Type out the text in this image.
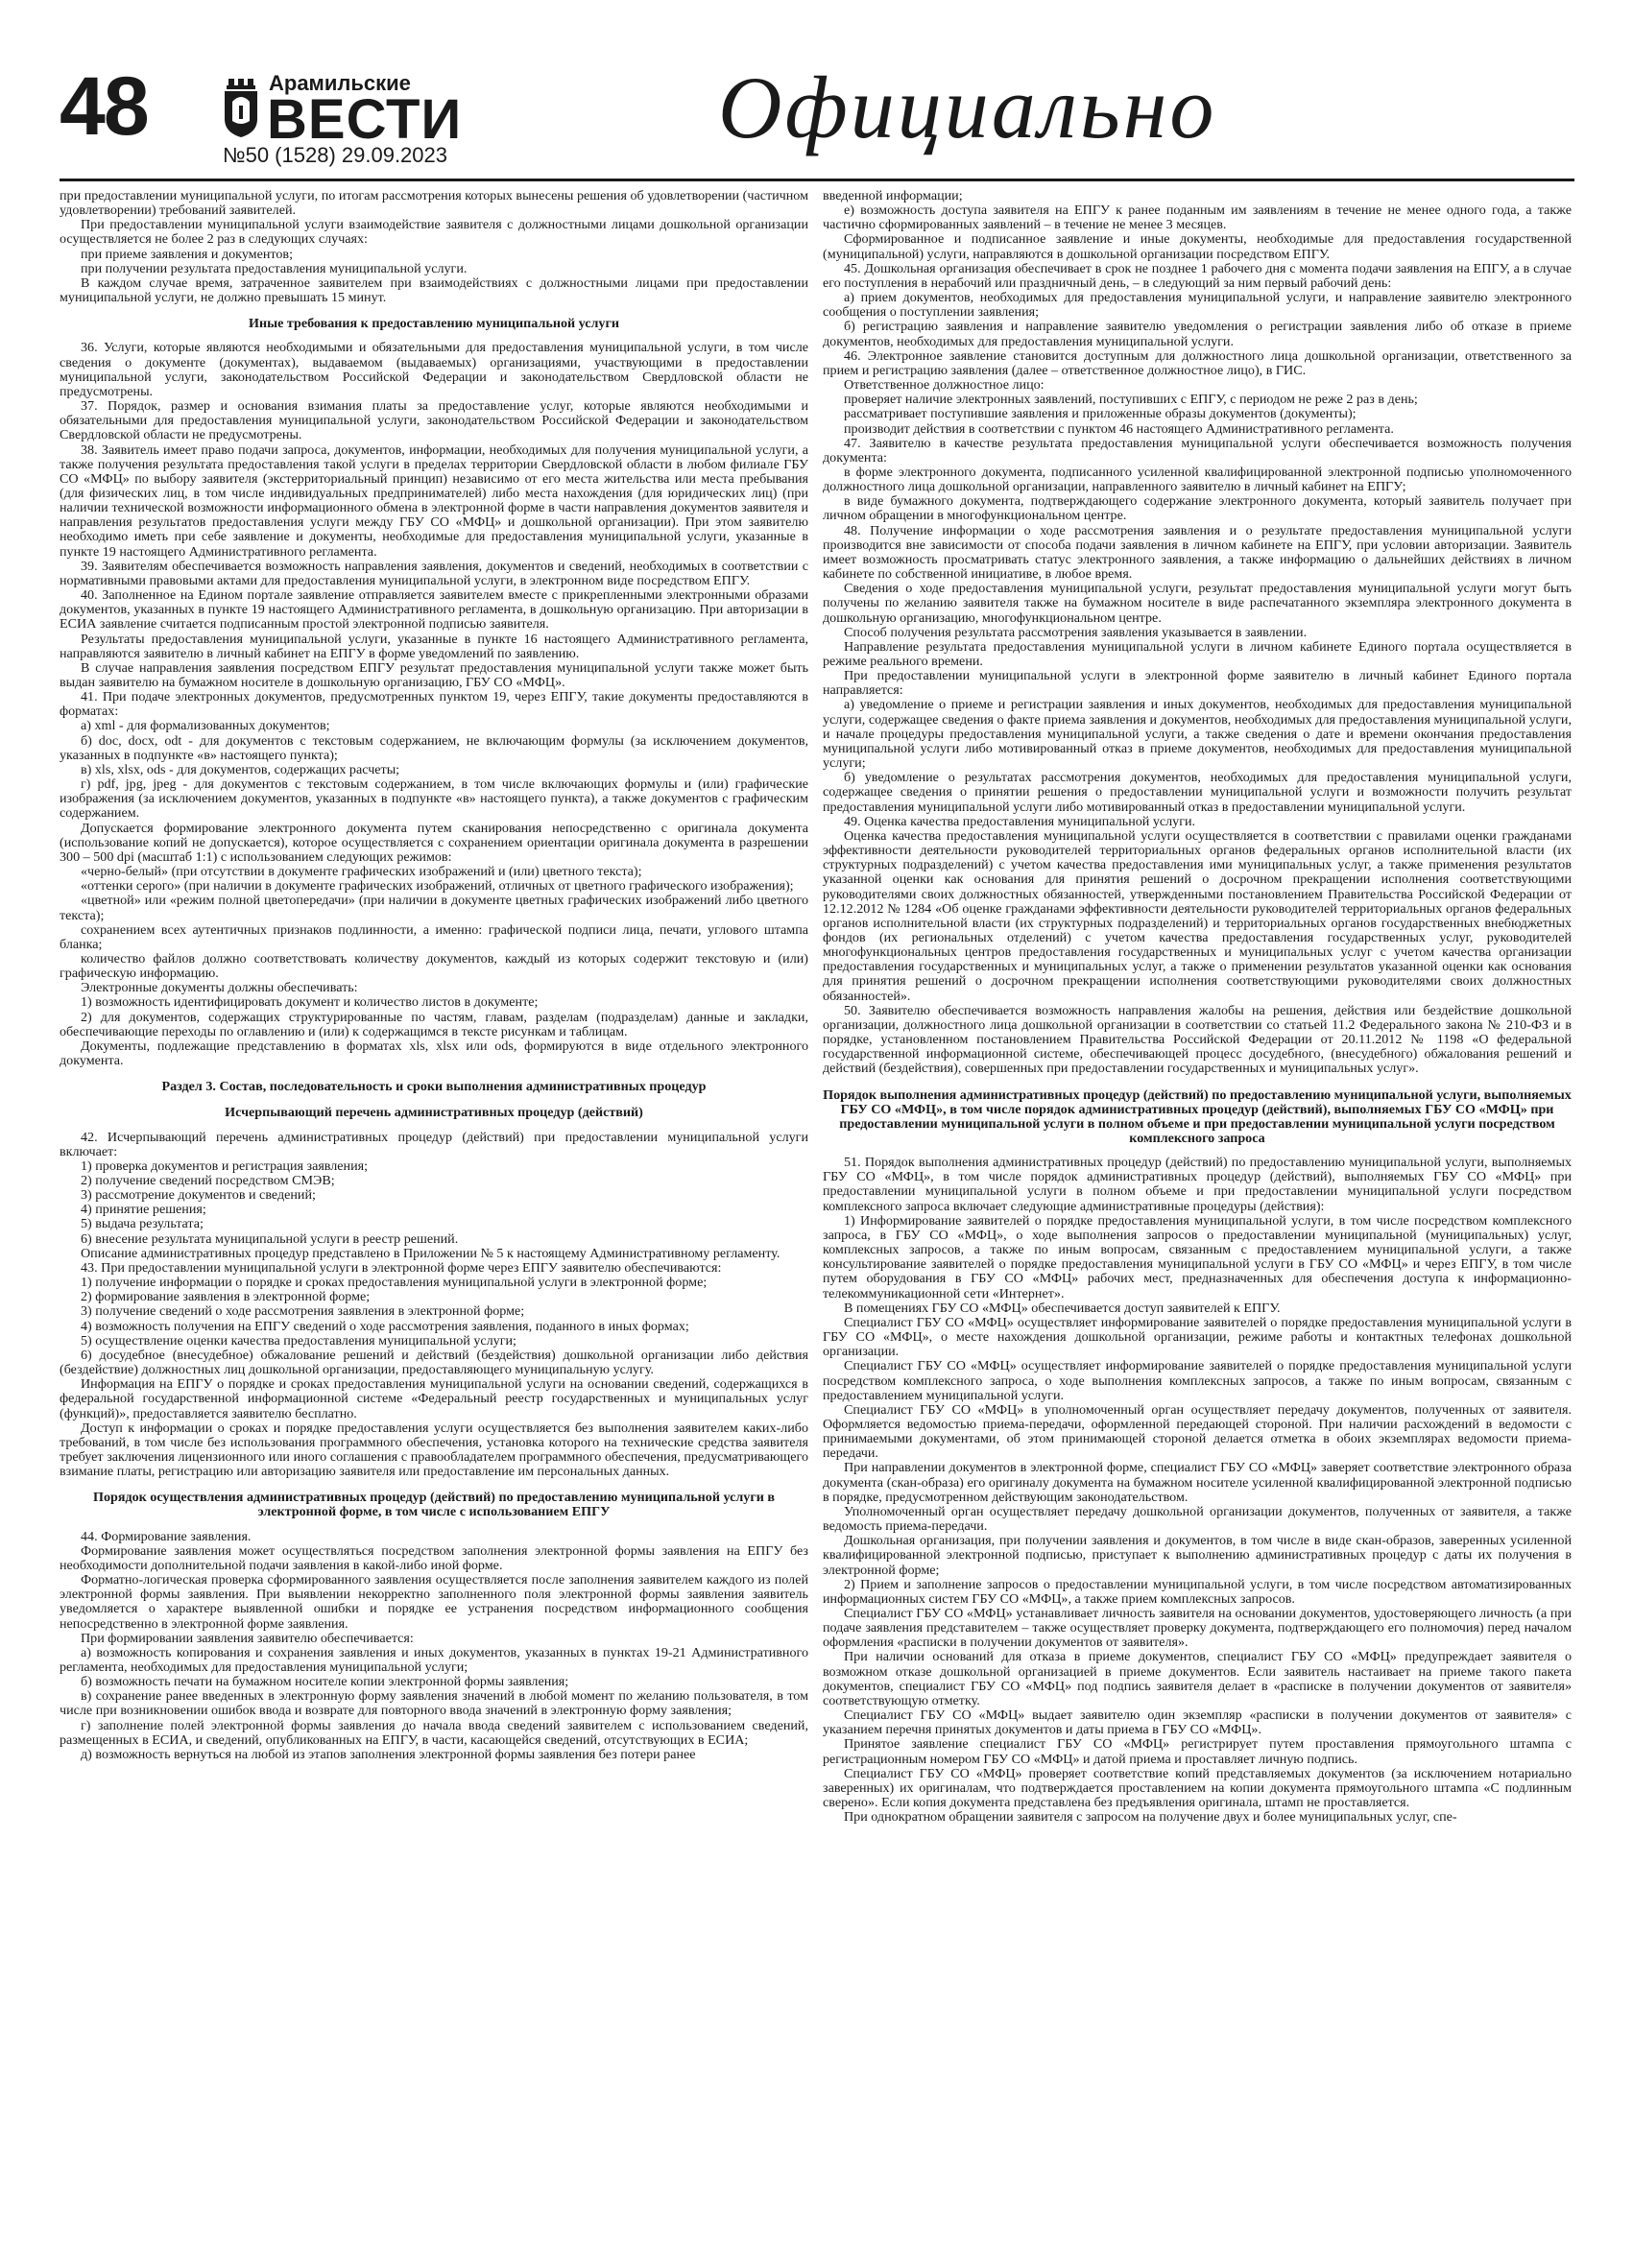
48	Арамильские
ВЕСТИ
№50 (1528) 29.09.2023	Официально

при предоставлении муниципальной услуги, по итогам рассмотрения которых вынесены решения об удовлетворении (частичном удовлетворении) требований заявителей.

При предоставлении муниципальной услуги взаимодействие заявителя с должностными лицами дошкольной организации осуществляется не более 2 раз в следующих случаях:

при приеме заявления и документов;

при получении результата предоставления муниципальной услуги.

В каждом случае время, затраченное заявителем при взаимодействиях с должностными лицами при предоставлении муниципальной услуги, не должно превышать 15 минут.

Иные требования к предоставлению муниципальной услуги

36. Услуги, которые являются необходимыми и обязательными для предоставления муниципальной услуги, в том числе сведения о документе (документах), выдаваемом (выдаваемых) организациями, участвующими в предоставлении муниципальной услуги, законодательством Российской Федерации и законодательством Свердловской области не предусмотрены.

37. Порядок, размер и основания взимания платы за предоставление услуг, которые являются необходимыми и обязательными для предоставления муниципальной услуги, законодательством Российской Федерации и законодательством Свердловской области не предусмотрены.

38. Заявитель имеет право подачи запроса, документов, информации, необходимых для получения муниципальной услуги, а также получения результата предоставления такой услуги в пределах территории Свердловской области в любом филиале ГБУ СО «МФЦ» по выбору заявителя (экстерриториальный принцип) независимо от его места жительства или места пребывания (для физических лиц, в том числе индивидуальных предпринимателей) либо места нахождения (для юридических лиц) (при наличии технической возможности информационного обмена в электронной форме в части направления документов заявителя и направления результатов предоставления услуги между ГБУ СО «МФЦ» и дошкольной организации). При этом заявителю необходимо иметь при себе заявление и документы, необходимые для предоставления муниципальной услуги, указанные в пункте 19 настоящего Административного регламента.

39. Заявителям обеспечивается возможность направления заявления, документов и сведений, необходимых в соответствии с нормативными правовыми актами для предоставления муниципальной услуги, в электронном виде посредством ЕПГУ.

40. Заполненное на Едином портале заявление отправляется заявителем вместе с прикрепленными электронными образами документов, указанных в пункте 19 настоящего Административного регламента, в дошкольную организацию. При авторизации в ЕСИА заявление считается подписанным простой электронной подписью заявителя.

Результаты предоставления муниципальной услуги, указанные в пункте 16 настоящего Административного регламента, направляются заявителю в личный кабинет на ЕПГУ в форме уведомлений по заявлению.

В случае направления заявления посредством ЕПГУ результат предоставления муниципальной услуги также может быть выдан заявителю на бумажном носителе в дошкольную организацию, ГБУ СО «МФЦ».

41. При подаче электронных документов, предусмотренных пунктом 19, через ЕПГУ, такие документы предоставляются в форматах:

а) xml - для формализованных документов;

б) doc, docx, odt - для документов с текстовым содержанием, не включающим формулы (за исключением документов, указанных в подпункте «в» настоящего пункта);

в) xls, xlsx, ods - для документов, содержащих расчеты;

г) pdf, jpg, jpeg - для документов с текстовым содержанием, в том числе включающих формулы и (или) графические изображения (за исключением документов, указанных в подпункте «в» настоящего пункта), а также документов с графическим содержанием.

Допускается формирование электронного документа путем сканирования непосредственно с оригинала документа (использование копий не допускается), которое осуществляется с сохранением ориентации оригинала документа в разрешении 300 – 500 dpi (масштаб 1:1) с использованием следующих режимов:

«черно-белый» (при отсутствии в документе графических изображений и (или) цветного текста);

«оттенки серого» (при наличии в документе графических изображений, отличных от цветного графического изображения);

«цветной» или «режим полной цветопередачи» (при наличии в документе цветных графических изображений либо цветного текста);

сохранением всех аутентичных признаков подлинности, а именно: графической подписи лица, печати, углового штампа бланка;

количество файлов должно соответствовать количеству документов, каждый из которых содержит текстовую и (или) графическую информацию.

Электронные документы должны обеспечивать:

1) возможность идентифицировать документ и количество листов в документе;

2) для документов, содержащих структурированные по частям, главам, разделам (подразделам) данные и закладки, обеспечивающие переходы по оглавлению и (или) к содержащимся в тексте рисункам и таблицам.

Документы, подлежащие представлению в форматах xls, xlsx или ods, формируются в виде отдельного электронного документа.

Раздел 3. Состав, последовательность и сроки выполнения административных процедур
Исчерпывающий перечень административных процедур (действий)

42. Исчерпывающий перечень административных процедур (действий) при предоставлении муниципальной услуги включает:

1) проверка документов и регистрация заявления;

2) получение сведений посредством СМЭВ;

3) рассмотрение документов и сведений;

4) принятие решения;

5) выдача результата;

6) внесение результата муниципальной услуги в реестр решений.

Описание административных процедур представлено в Приложении № 5 к настоящему Административному регламенту.

43. При предоставлении муниципальной услуги в электронной форме через ЕПГУ заявителю обеспечиваются:

1) получение информации о порядке и сроках предоставления муниципальной услуги в электронной форме;

2) формирование заявления в электронной форме;

3) получение сведений о ходе рассмотрения заявления в электронной форме;

4) возможность получения на ЕПГУ сведений о ходе рассмотрения заявления, поданного в иных формах;

5) осуществление оценки качества предоставления муниципальной услуги;

6) досудебное (внесудебное) обжалование решений и действий (бездействия) дошкольной организации либо действия (бездействие) должностных лиц дошкольной организации, предоставляющего муниципальную услугу.

Информация на ЕПГУ о порядке и сроках предоставления муниципальной услуги на основании сведений, содержащихся в федеральной государственной информационной системе «Федеральный реестр государственных и муниципальных услуг (функций)», предоставляется заявителю бесплатно.

Доступ к информации о сроках и порядке предоставления услуги осуществляется без выполнения заявителем каких-либо требований, в том числе без использования программного обеспечения, установка которого на технические средства заявителя требует заключения лицензионного или иного соглашения с правообладателем программного обеспечения, предусматривающего взимание платы, регистрацию или авторизацию заявителя или предоставление им персональных данных.

Порядок осуществления административных процедур (действий) по предоставлению муниципальной услуги в электронной форме, в том числе с использованием ЕПГУ

44. Формирование заявления.

Формирование заявления может осуществляться посредством заполнения электронной формы заявления на ЕПГУ без необходимости дополнительной подачи заявления в какой-либо иной форме.

Форматно-логическая проверка сформированного заявления осуществляется после заполнения заявителем каждого из полей электронной формы заявления. При выявлении некорректно заполненного поля электронной формы заявления заявитель уведомляется о характере выявленной ошибки и порядке ее устранения посредством информационного сообщения непосредственно в электронной форме заявления.

При формировании заявления заявителю обеспечивается:

а) возможность копирования и сохранения заявления и иных документов, указанных в пунктах 19-21 Административного регламента, необходимых для предоставления муниципальной услуги;

б) возможность печати на бумажном носителе копии электронной формы заявления;

в) сохранение ранее введенных в электронную форму заявления значений в любой момент по желанию пользователя, в том числе при возникновении ошибок ввода и возврате для повторного ввода значений в электронную форму заявления;

г) заполнение полей электронной формы заявления до начала ввода сведений заявителем с использованием сведений, размещенных в ЕСИА, и сведений, опубликованных на ЕПГУ, в части, касающейся сведений, отсутствующих в ЕСИА;

д) возможность вернуться на любой из этапов заполнения электронной формы заявления без потери ранее

введенной информации;

е) возможность доступа заявителя на ЕПГУ к ранее поданным им заявлениям в течение не менее одного года, а также частично сформированных заявлений – в течение не менее 3 месяцев.

Сформированное и подписанное заявление и иные документы, необходимые для предоставления государственной (муниципальной) услуги, направляются в дошкольной организации посредством ЕПГУ.

45. Дошкольная организация обеспечивает в срок не позднее 1 рабочего дня с момента подачи заявления на ЕПГУ, а в случае его поступления в нерабочий или праздничный день, – в следующий за ним первый рабочий день:

а) прием документов, необходимых для предоставления муниципальной услуги, и направление заявителю электронного сообщения о поступлении заявления;

б) регистрацию заявления и направление заявителю уведомления о регистрации заявления либо об отказе в приеме документов, необходимых для предоставления муниципальной услуги.

46. Электронное заявление становится доступным для должностного лица дошкольной организации, ответственного за прием и регистрацию заявления (далее – ответственное должностное лицо), в ГИС.

Ответственное должностное лицо:

проверяет наличие электронных заявлений, поступивших с ЕПГУ, с периодом не реже 2 раз в день;

рассматривает поступившие заявления и приложенные образы документов (документы);

производит действия в соответствии с пунктом 46 настоящего Административного регламента.

47. Заявителю в качестве результата предоставления муниципальной услуги обеспечивается возможность получения документа:

в форме электронного документа, подписанного усиленной квалифицированной электронной подписью уполномоченного должностного лица дошкольной организации, направленного заявителю в личный кабинет на ЕПГУ;

в виде бумажного документа, подтверждающего содержание электронного документа, который заявитель получает при личном обращении в многофункциональном центре.

48. Получение информации о ходе рассмотрения заявления и о результате предоставления муниципальной услуги производится вне зависимости от способа подачи заявления в личном кабинете на ЕПГУ, при условии авторизации. Заявитель имеет возможность просматривать статус электронного заявления, а также информацию о дальнейших действиях в личном кабинете по собственной инициативе, в любое время.

Сведения о ходе предоставления муниципальной услуги, результат предоставления муниципальной услуги могут быть получены по желанию заявителя также на бумажном носителе в виде распечатанного экземпляра электронного документа в дошкольную организацию, многофункциональном центре.

Способ получения результата рассмотрения заявления указывается в заявлении.

Направление результата предоставления муниципальной услуги в личном кабинете Единого портала осуществляется в режиме реального времени.

При предоставлении муниципальной услуги в электронной форме заявителю в личный кабинет Единого портала направляется:

а) уведомление о приеме и регистрации заявления и иных документов, необходимых для предоставления муниципальной услуги, содержащее сведения о факте приема заявления и документов, необходимых для предоставления муниципальной услуги, и начале процедуры предоставления муниципальной услуги, а также сведения о дате и времени окончания предоставления муниципальной услуги либо мотивированный отказ в приеме документов, необходимых для предоставления муниципальной услуги;

б) уведомление о результатах рассмотрения документов, необходимых для предоставления муниципальной услуги, содержащее сведения о принятии решения о предоставлении муниципальной услуги и возможности получить результат предоставления муниципальной услуги либо мотивированный отказ в предоставлении муниципальной услуги.

49. Оценка качества предоставления муниципальной услуги.

Оценка качества предоставления муниципальной услуги осуществляется в соответствии с правилами оценки гражданами эффективности деятельности руководителей территориальных органов федеральных органов исполнительной власти (их структурных подразделений) с учетом качества предоставления ими муниципальных услуг, а также применения результатов указанной оценки как основания для принятия решений о досрочном прекращении исполнения соответствующими руководителями своих должностных обязанностей, утвержденными постановлением Правительства Российской Федерации от 12.12.2012 № 1284 «Об оценке гражданами эффективности деятельности руководителей территориальных органов федеральных органов исполнительной власти (их структурных подразделений) и территориальных органов государственных внебюджетных фондов (их региональных отделений) с учетом качества предоставления государственных услуг, руководителей многофункциональных центров предоставления государственных и муниципальных услуг с учетом качества организации предоставления государственных и муниципальных услуг, а также о применении результатов указанной оценки как основания для принятия решений о досрочном прекращении исполнения соответствующими руководителями своих должностных обязанностей».

50. Заявителю обеспечивается возможность направления жалобы на решения, действия или бездействие дошкольной организации, должностного лица дошкольной организации в соответствии со статьей 11.2 Федерального закона № 210-ФЗ и в порядке, установленном постановлением Правительства Российской Федерации от 20.11.2012 № 1198 «О федеральной государственной информационной системе, обеспечивающей процесс досудебного, (внесудебного) обжалования решений и действий (бездействия), совершенных при предоставлении государственных и муниципальных услуг».

Порядок выполнения административных процедур (действий) по предоставлению муниципальной услуги, выполняемых ГБУ СО «МФЦ», в том числе порядок административных процедур (действий), выполняемых ГБУ СО «МФЦ» при предоставлении муниципальной услуги в полном объеме и при предоставлении муниципальной услуги посредством комплексного запроса

51. Порядок выполнения административных процедур (действий) по предоставлению муниципальной услуги, выполняемых ГБУ СО «МФЦ», в том числе порядок административных процедур (действий), выполняемых ГБУ СО «МФЦ» при предоставлении муниципальной услуги в полном объеме и при предоставлении муниципальной услуги посредством комплексного запроса включает следующие административные процедуры (действия):

1) Информирование заявителей о порядке предоставления муниципальной услуги, в том числе посредством комплексного запроса, в ГБУ СО «МФЦ», о ходе выполнения запросов о предоставлении муниципальной (муниципальных) услуг, комплексных запросов, а также по иным вопросам, связанным с предоставлением муниципальной услуги, а также консультирование заявителей о порядке предоставления муниципальной услуги в ГБУ СО «МФЦ» и через ЕПГУ, в том числе путем оборудования в ГБУ СО «МФЦ» рабочих мест, предназначенных для обеспечения доступа к информационно-телекоммуникационной сети «Интернет».

В помещениях ГБУ СО «МФЦ» обеспечивается доступ заявителей к ЕПГУ.

Специалист ГБУ СО «МФЦ» осуществляет информирование заявителей о порядке предоставления муниципальной услуги в ГБУ СО «МФЦ», о месте нахождения дошкольной организации, режиме работы и контактных телефонах дошкольной организации.

Специалист ГБУ СО «МФЦ» осуществляет информирование заявителей о порядке предоставления муниципальной услуги посредством комплексного запроса, о ходе выполнения комплексных запросов, а также по иным вопросам, связанным с предоставлением муниципальной услуги.

Специалист ГБУ СО «МФЦ» в уполномоченный орган осуществляет передачу документов, полученных от заявителя. Оформляется ведомостью приема-передачи, оформленной передающей стороной. При наличии расхождений в ведомости с принимаемыми документами, об этом принимающей стороной делается отметка в обоих экземплярах ведомости приема-передачи.

При направлении документов в электронной форме, специалист ГБУ СО «МФЦ» заверяет соответствие электронного образа документа (скан-образа) его оригиналу документа на бумажном носителе усиленной квалифицированной электронной подписью в порядке, предусмотренном действующим законодательством.

Уполномоченный орган осуществляет передачу дошкольной организации документов, полученных от заявителя, а также ведомость приема-передачи.

Дошкольная организация, при получении заявления и документов, в том числе в виде скан-образов, заверенных усиленной квалифицированной электронной подписью, приступает к выполнению административных процедур с даты их получения в электронной форме;

2) Прием и заполнение запросов о предоставлении муниципальной услуги, в том числе посредством автоматизированных информационных систем ГБУ СО «МФЦ», а также прием комплексных запросов.

Специалист ГБУ СО «МФЦ» устанавливает личность заявителя на основании документов, удостоверяющего личность (а при подаче заявления представителем – также осуществляет проверку документа, подтверждающего его полномочия) перед началом оформления «расписки в получении документов от заявителя».

При наличии оснований для отказа в приеме документов, специалист ГБУ СО «МФЦ» предупреждает заявителя о возможном отказе дошкольной организацией в приеме документов. Если заявитель настаивает на приеме такого пакета документов, специалист ГБУ СО «МФЦ» под подпись заявителя делает в «расписке в получении документов от заявителя» соответствующую отметку.

Специалист ГБУ СО «МФЦ» выдает заявителю один экземпляр «расписки в получении документов от заявителя» с указанием перечня принятых документов и даты приема в ГБУ СО «МФЦ».

Принятое заявление специалист ГБУ СО «МФЦ» регистрирует путем проставления прямоугольного штампа с регистрационным номером ГБУ СО «МФЦ» и датой приема и проставляет личную подпись.

Специалист ГБУ СО «МФЦ» проверяет соответствие копий представляемых документов (за исключением нотариально заверенных) их оригиналам, что подтверждается проставлением на копии документа прямоугольного штампа «С подлинным сверено». Если копия документа представлена без предъявления оригинала, штамп не проставляется.

При однократном обращении заявителя с запросом на получение двух и более муниципальных услуг, спе-
